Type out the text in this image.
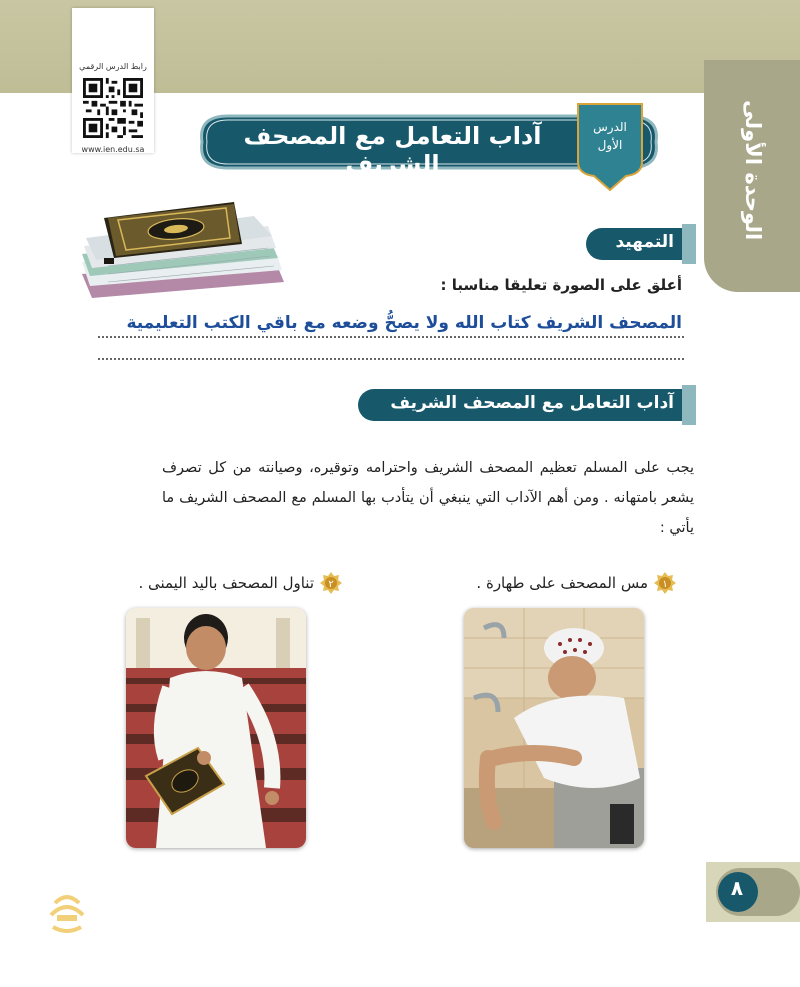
الوحدة الأولى
رابط الدرس الرقمي
www.ien.edu.sa
الدرس
الأول
آداب التعامل مع المصحف الشريف
التمهيد
أعلق على الصورة تعليقا مناسبا :
المصحف الشريف كتاب الله ولا يصحُّ وضعه مع باقي الكتب التعليمية
آداب التعامل مع المصحف الشريف
يجب على المسلم تعظيم المصحف الشريف واحترامه وتوقيره، وصيانته من كل تصرف يشعر بامتهانه . ومن أهم الآداب التي ينبغي أن يتأدب بها المسلم مع المصحف الشريف ما يأتي :
١
مس المصحف على طهارة .
٢
تناول المصحف باليد اليمنى .
٨
